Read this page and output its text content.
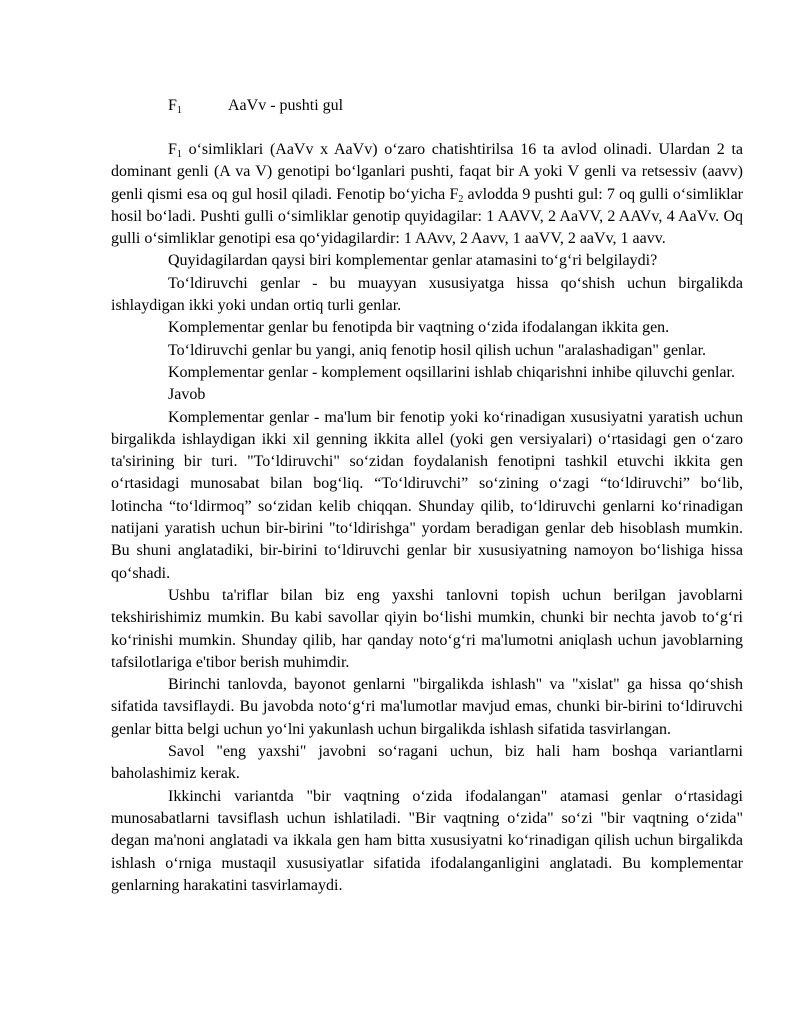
$F_1$	AaVv - pushti gul

$F_1$ o‘simliklari (AaVv x AaVv) o‘zaro chatishtirilsa 16 ta avlod olinadi. Ulardan 2 ta dominant genli (A va V) genotipi bo‘lganlari pushti, faqat bir A yoki V genli va retsessiv (aavv) genli qismi esa oq gul hosil qiladi. Fenotip bo‘yicha $F_2$ avlodda 9 pushti gul: 7 oq gulli o‘simliklar hosil bo‘ladi. Pushti gulli o‘simliklar genotip quyidagilar: 1 AAVV, 2 AaVV, 2 AAVv, 4 AaVv. Oq gulli o‘simliklar genotipi esa qo‘yidagilardir: 1 AAvv, 2 Aavv, 1 aaVV, 2 aaVv, 1 aavv.

Quyidagilardan qaysi biri komplementar genlar atamasini to‘g‘ri belgilaydi?

To‘ldiruvchi genlar - bu muayyan xususiyatga hissa qo‘shish uchun birgalikda ishlaydigan ikki yoki undan ortiq turli genlar.

Komplementar genlar bu fenotipda bir vaqtning o‘zida ifodalangan ikkita gen.

To‘ldiruvchi genlar bu yangi, aniq fenotip hosil qilish uchun "aralashadigan" genlar.

Komplementar genlar - komplement oqsillarini ishlab chiqarishni inhibe qiluvchi genlar.

Javob

Komplementar genlar - ma'lum bir fenotip yoki ko‘rinadigan xususiyatni yaratish uchun birgalikda ishlaydigan ikki xil genning ikkita allel (yoki gen versiyalari) o‘rtasidagi gen o‘zaro ta'sirining bir turi. "To‘ldiruvchi" so‘zidan foydalanish fenotipni tashkil etuvchi ikkita gen o‘rtasidagi munosabat bilan bog‘liq. “To‘ldiruvchi” so‘zining o‘zagi “to‘ldiruvchi” bo‘lib, lotincha “to‘ldirmoq” so‘zidan kelib chiqqan. Shunday qilib, to‘ldiruvchi genlarni ko‘rinadigan natijani yaratish uchun bir-birini "to‘ldirishga" yordam beradigan genlar deb hisoblash mumkin. Bu shuni anglatadiki, bir-birini to‘ldiruvchi genlar bir xususiyatning namoyon bo‘lishiga hissa qo‘shadi.

Ushbu ta'riflar bilan biz eng yaxshi tanlovni topish uchun berilgan javoblarni tekshirishimiz mumkin. Bu kabi savollar qiyin bo‘lishi mumkin, chunki bir nechta javob to‘g‘ri ko‘rinishi mumkin. Shunday qilib, har qanday noto‘g‘ri ma'lumotni aniqlash uchun javoblarning tafsilotlariga e'tibor berish muhimdir.

Birinchi tanlovda, bayonot genlarni "birgalikda ishlash" va "xislat" ga hissa qo‘shish sifatida tavsiflaydi. Bu javobda noto‘g‘ri ma'lumotlar mavjud emas, chunki bir-birini to‘ldiruvchi genlar bitta belgi uchun yo‘lni yakunlash uchun birgalikda ishlash sifatida tasvirlangan.

Savol "eng yaxshi" javobni so‘ragani uchun, biz hali ham boshqa variantlarni baholashimiz kerak.

Ikkinchi variantda "bir vaqtning o‘zida ifodalangan" atamasi genlar o‘rtasidagi munosabatlarni tavsiflash uchun ishlatiladi. "Bir vaqtning o‘zida" so‘zi "bir vaqtning o‘zida" degan ma'noni anglatadi va ikkala gen ham bitta xususiyatni ko‘rinadigan qilish uchun birgalikda ishlash o‘rniga mustaqil xususiyatlar sifatida ifodalanganligini anglatadi. Bu komplementar genlarning harakatini tasvirlamaydi.
